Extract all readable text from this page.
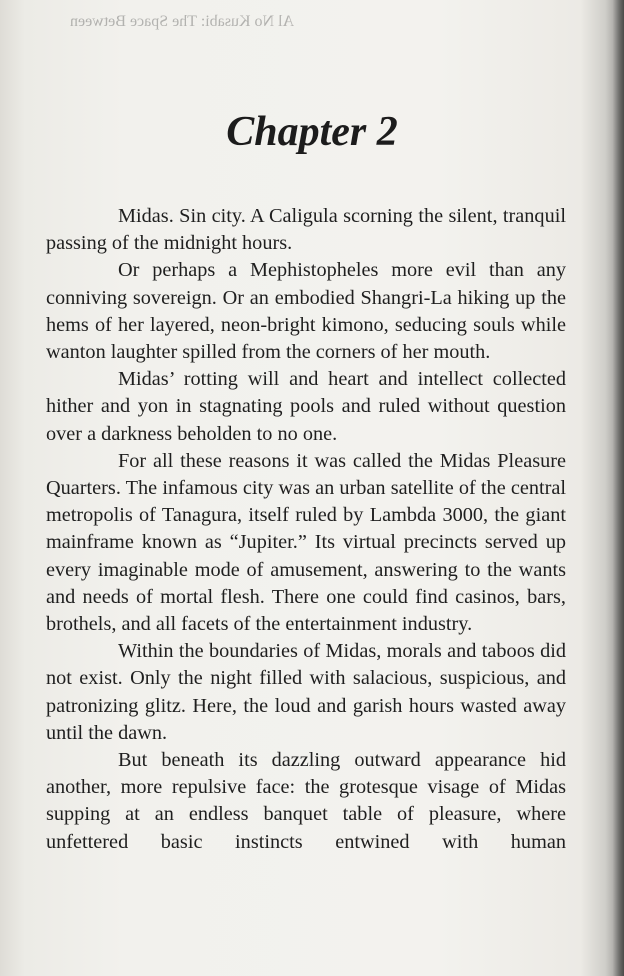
Al No Kusabi: The Space Between
Chapter 2

Midas. Sin city. A Caligula scorning the silent, tranquil passing of the midnight hours.

Or perhaps a Mephistopheles more evil than any conniving sovereign. Or an embodied Shangri-La hiking up the hems of her layered, neon-bright kimono, seducing souls while wanton laughter spilled from the corners of her mouth.

Midas’ rotting will and heart and intellect collected hither and yon in stagnating pools and ruled without question over a darkness beholden to no one.

For all these reasons it was called the Midas Pleasure Quarters. The infamous city was an urban satellite of the central metropolis of Tanagura, itself ruled by Lambda 3000, the giant mainframe known as “Jupiter.” Its virtual precincts served up every imaginable mode of amusement, answering to the wants and needs of mortal flesh. There one could find casinos, bars, brothels, and all facets of the entertainment industry.

Within the boundaries of Midas, morals and taboos did not exist. Only the night filled with salacious, suspicious, and patronizing glitz. Here, the loud and garish hours wasted away until the dawn.

But beneath its dazzling outward appearance hid another, more repulsive face: the grotesque visage of Midas supping at an endless banquet table of pleasure, where unfettered basic instincts entwined with human
